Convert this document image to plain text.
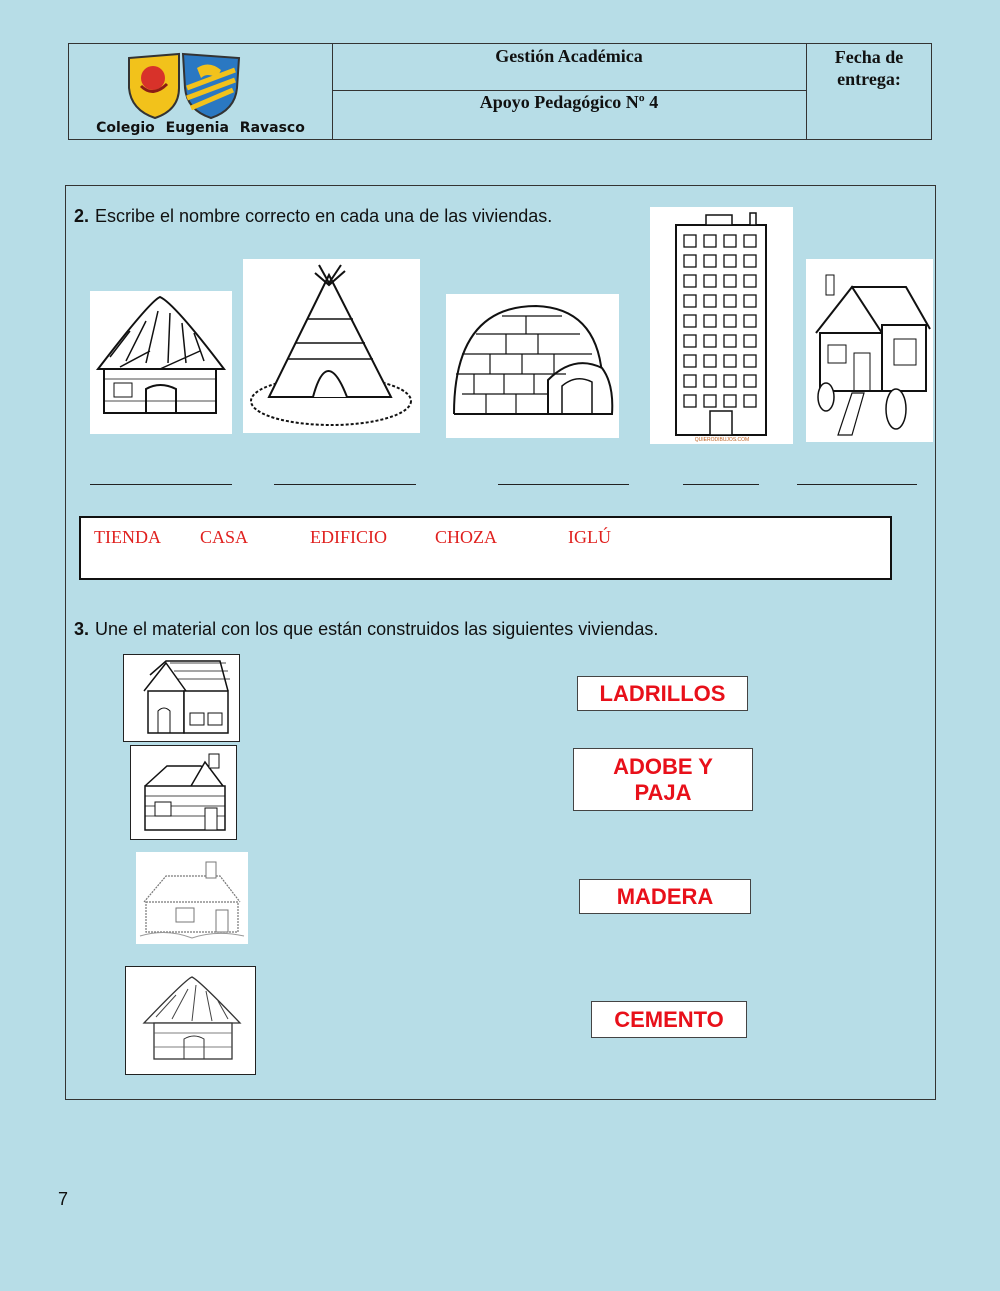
Colegio Eugenia Ravasco
Gestión Académica
Apoyo Pedagógico Nº 4
Fecha de entrega:
2. Escribe el nombre correcto en cada una de las viviendas.
QUIERODIBUJOS.COM
TIENDA CASA	EDIFICIO	CHOZA	IGLÚ
3. Une el material con los que están construidos las siguientes viviendas.
LADRILLOS
ADOBE Y PAJA
MADERA
CEMENTO
7
